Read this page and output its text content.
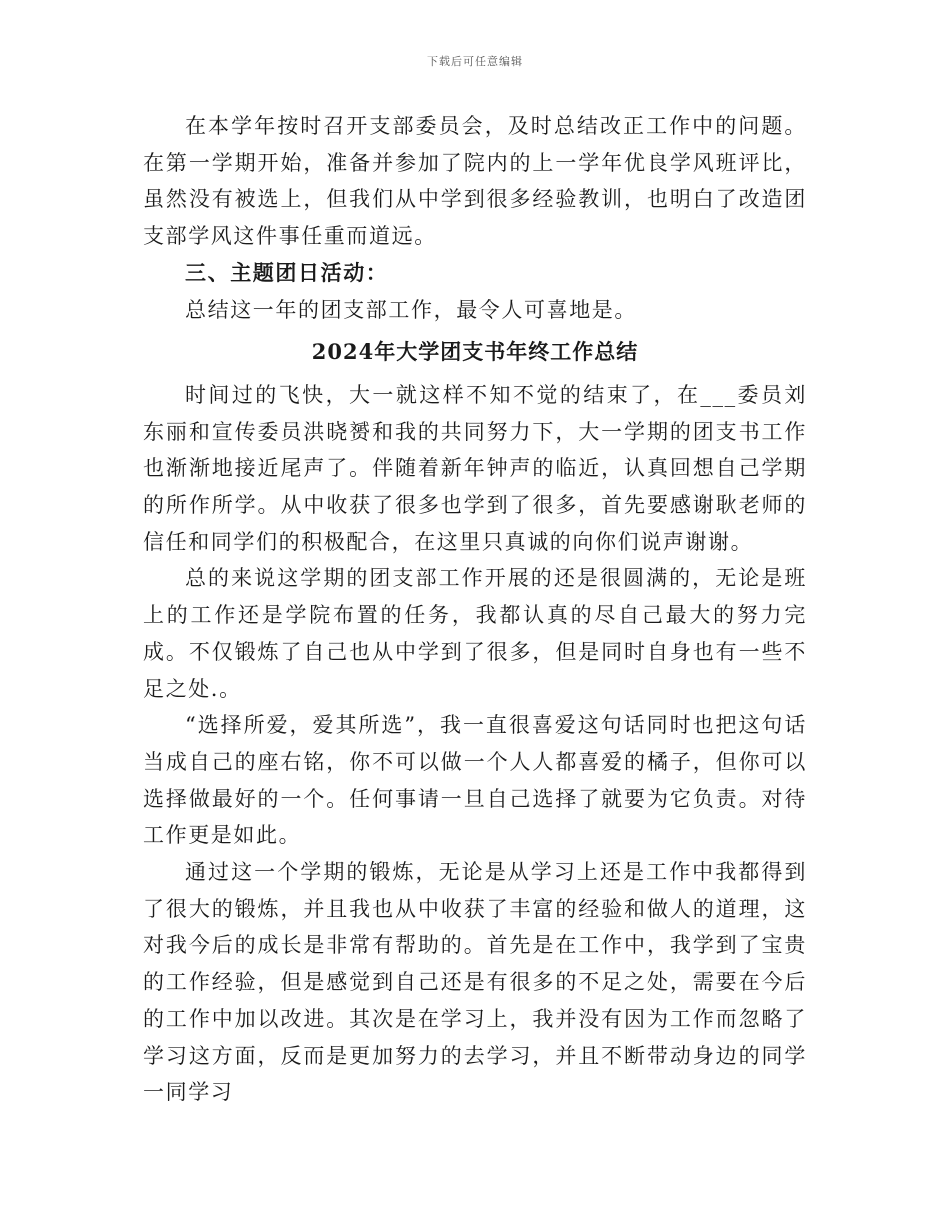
下载后可任意编辑

在本学年按时召开支部委员会，及时总结改正工作中的问题。在第一学期开始，准备并参加了院内的上一学年优良学风班评比，虽然没有被选上，但我们从中学到很多经验教训，也明白了改造团支部学风这件事任重而道远。

三、主题团日活动：

总结这一年的团支部工作，最令人可喜地是。

2024年大学团支书年终工作总结

时间过的飞快，大一就这样不知不觉的结束了，在___委员刘东丽和宣传委员洪晓赟和我的共同努力下，大一学期的团支书工作也渐渐地接近尾声了。伴随着新年钟声的临近，认真回想自己学期的所作所学。从中收获了很多也学到了很多，首先要感谢耿老师的信任和同学们的积极配合，在这里只真诚的向你们说声谢谢。

总的来说这学期的团支部工作开展的还是很圆满的，无论是班上的工作还是学院布置的任务，我都认真的尽自己最大的努力完成。不仅锻炼了自己也从中学到了很多，但是同时自身也有一些不足之处.。

“选择所爱，爱其所选”，我一直很喜爱这句话同时也把这句话当成自己的座右铭，你不可以做一个人人都喜爱的橘子，但你可以选择做最好的一个。任何事请一旦自己选择了就要为它负责。对待工作更是如此。

通过这一个学期的锻炼，无论是从学习上还是工作中我都得到了很大的锻炼，并且我也从中收获了丰富的经验和做人的道理，这对我今后的成长是非常有帮助的。首先是在工作中，我学到了宝贵的工作经验，但是感觉到自己还是有很多的不足之处，需要在今后的工作中加以改进。其次是在学习上，我并没有因为工作而忽略了学习这方面，反而是更加努力的去学习，并且不断带动身边的同学一同学习
